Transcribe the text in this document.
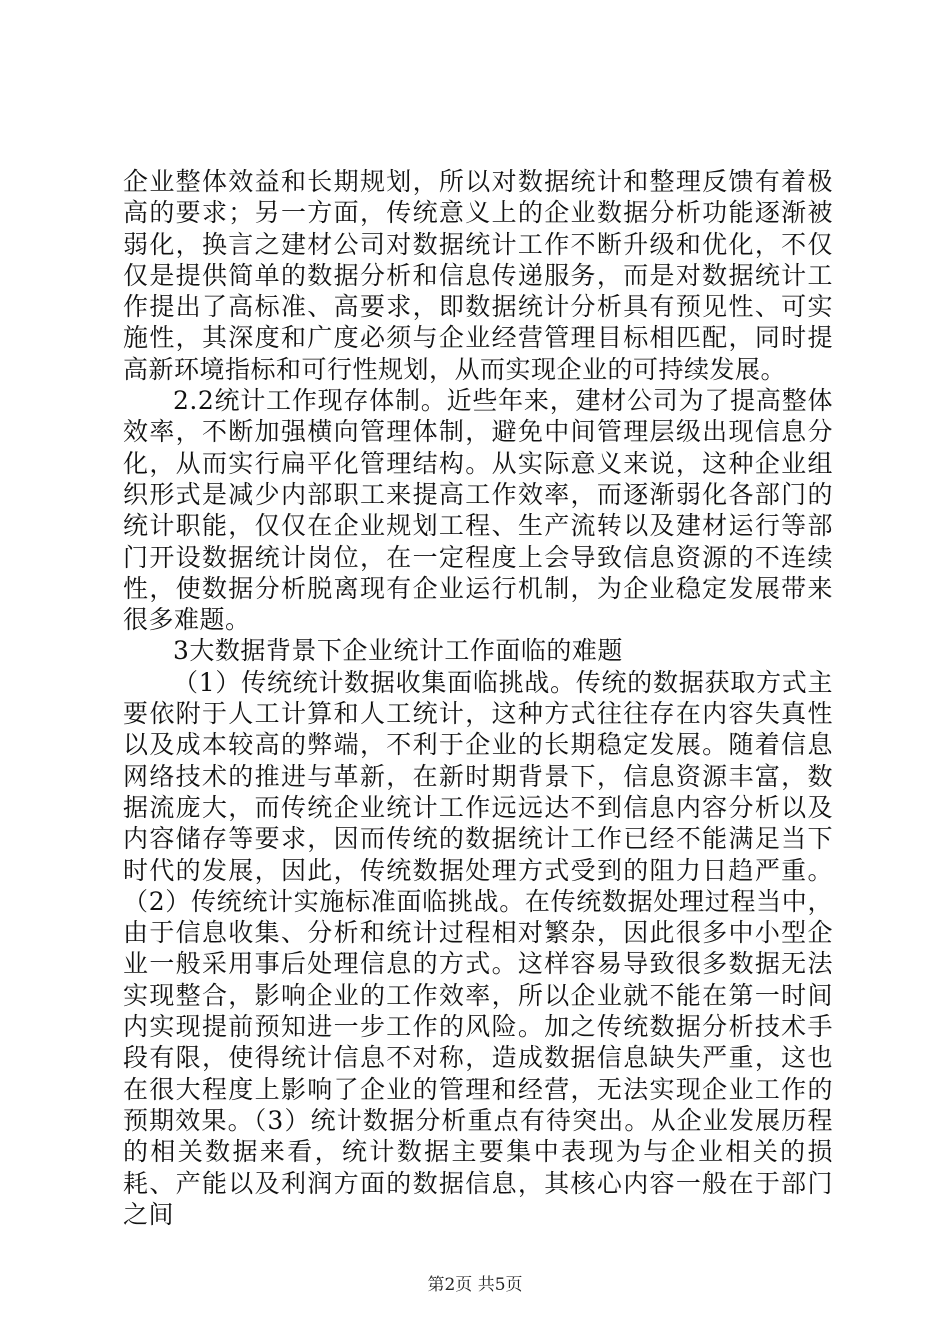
企业整体效益和长期规划，所以对数据统计和整理反馈有着极高的要求；另一方面，传统意义上的企业数据分析功能逐渐被弱化，换言之建材公司对数据统计工作不断升级和优化，不仅仅是提供简单的数据分析和信息传递服务，而是对数据统计工作提出了高标准、高要求，即数据统计分析具有预见性、可实施性，其深度和广度必须与企业经营管理目标相匹配，同时提高新环境指标和可行性规划，从而实现企业的可持续发展。

2.2统计工作现存体制。近些年来，建材公司为了提高整体效率，不断加强横向管理体制，避免中间管理层级出现信息分化，从而实行扁平化管理结构。从实际意义来说，这种企业组织形式是减少内部职工来提高工作效率，而逐渐弱化各部门的统计职能，仅仅在企业规划工程、生产流转以及建材运行等部门开设数据统计岗位，在一定程度上会导致信息资源的不连续性，使数据分析脱离现有企业运行机制，为企业稳定发展带来很多难题。

3大数据背景下企业统计工作面临的难题

（1）传统统计数据收集面临挑战。传统的数据获取方式主要依附于人工计算和人工统计，这种方式往往存在内容失真性以及成本较高的弊端，不利于企业的长期稳定发展。随着信息网络技术的推进与革新，在新时期背景下，信息资源丰富，数据流庞大，而传统企业统计工作远远达不到信息内容分析以及内容储存等要求，因而传统的数据统计工作已经不能满足当下时代的发展，因此，传统数据处理方式受到的阻力日趋严重。（2）传统统计实施标准面临挑战。在传统数据处理过程当中，由于信息收集、分析和统计过程相对繁杂，因此很多中小型企业一般采用事后处理信息的方式。这样容易导致很多数据无法实现整合，影响企业的工作效率，所以企业就不能在第一时间内实现提前预知进一步工作的风险。加之传统数据分析技术手段有限，使得统计信息不对称，造成数据信息缺失严重，这也在很大程度上影响了企业的管理和经营，无法实现企业工作的预期效果。（3）统计数据分析重点有待突出。从企业发展历程的相关数据来看，统计数据主要集中表现为与企业相关的损耗、产能以及利润方面的数据信息，其核心内容一般在于部门之间

第2页 共5页
